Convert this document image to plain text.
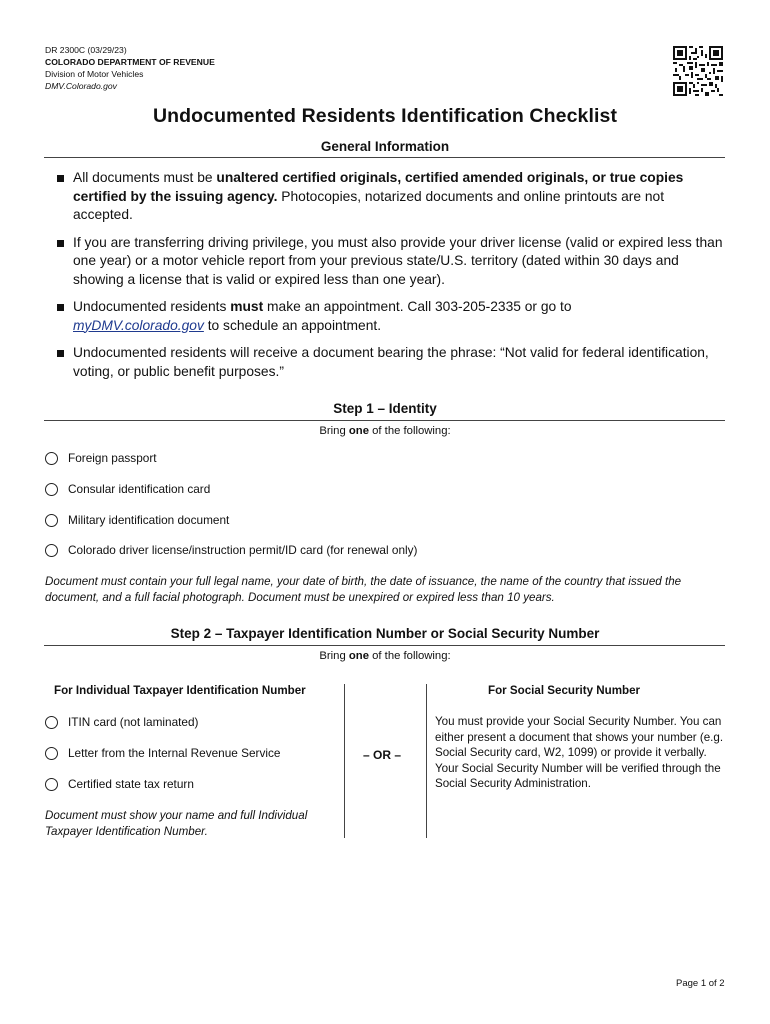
DR 2300C (03/29/23)
COLORADO DEPARTMENT OF REVENUE
Division of Motor Vehicles
DMV.Colorado.gov
Undocumented Residents Identification Checklist
General Information
All documents must be unaltered certified originals, certified amended originals, or true copies certified by the issuing agency. Photocopies, notarized documents and online printouts are not accepted.
If you are transferring driving privilege, you must also provide your driver license (valid or expired less than one year) or a motor vehicle report from your previous state/U.S. territory (dated within 30 days and showing a license that is valid or expired less than one year).
Undocumented residents must make an appointment. Call 303-205-2335 or go to
myDMV.colorado.gov to schedule an appointment.
Undocumented residents will receive a document bearing the phrase: “Not valid for federal identification, voting, or public benefit purposes.”
Step 1 – Identity
Bring one of the following:
Foreign passport
Consular identification card
Military identification document
Colorado driver license/instruction permit/ID card (for renewal only)
Document must contain your full legal name, your date of birth, the date of issuance, the name of the country that issued the document, and a full facial photograph. Document must be unexpired or expired less than 10 years.
Step 2 – Taxpayer Identification Number or Social Security Number
Bring one of the following:
For Individual Taxpayer Identification Number	For Social Security Number
– OR –
ITIN card (not laminated)
Letter from the Internal Revenue Service
Certified state tax return
Document must show your name and full Individual Taxpayer Identification Number.
You must provide your Social Security Number. You can either present a document that shows your number (e.g. Social Security card, W2, 1099) or provide it verbally. Your Social Security Number will be verified through the Social Security Administration.
Page 1 of 2
